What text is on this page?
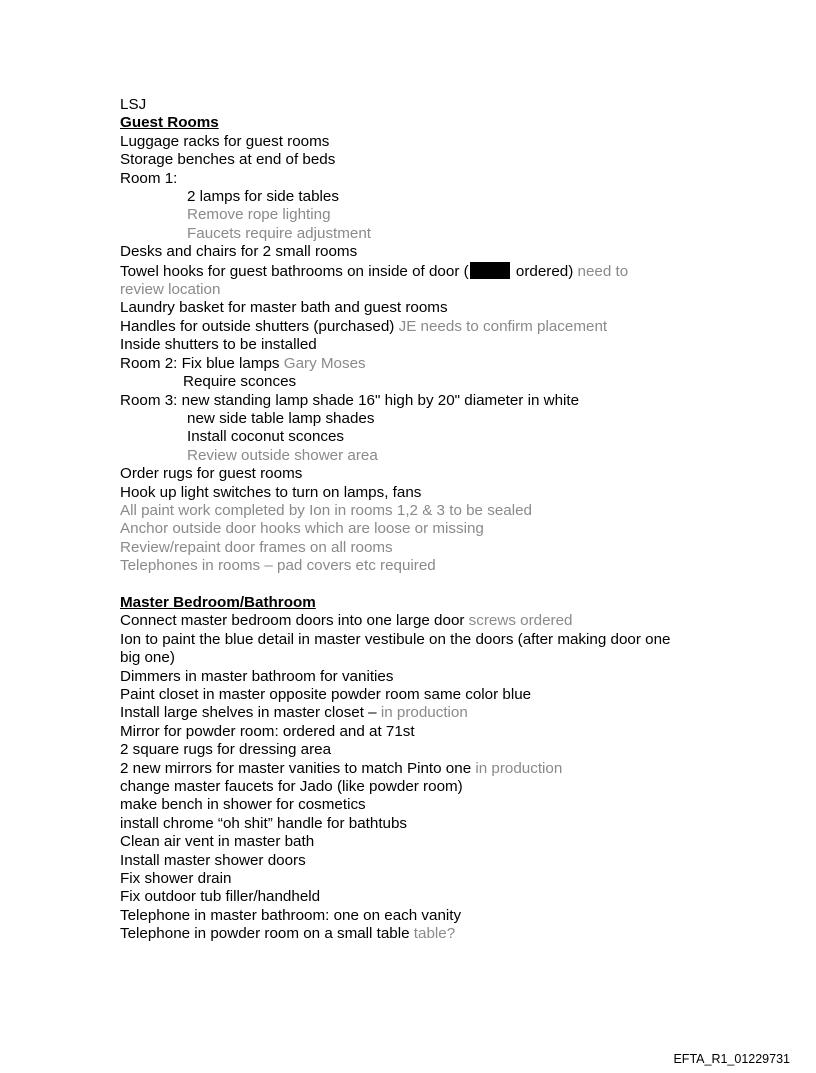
LSJ
Guest Rooms
Luggage racks for guest rooms
Storage benches at end of beds
Room 1:
2 lamps for side tables
Remove rope lighting
Faucets require adjustment
Desks and chairs for 2 small rooms
Towel hooks for guest bathrooms on inside of door (	ordered) need to
review location
Laundry basket for master bath and guest rooms
Handles for outside shutters (purchased) JE needs to confirm placement
Inside shutters to be installed
Room 2: Fix blue lamps Gary Moses
Require sconces
Room 3: new standing lamp shade 16" high by 20" diameter in white
new side table lamp shades
Install coconut sconces
Review outside shower area
Order rugs for guest rooms
Hook up light switches to turn on lamps, fans
All paint work completed by Ion in rooms 1,2 & 3 to be sealed
Anchor outside door hooks which are loose or missing
Review/repaint door frames on all rooms
Telephones in rooms – pad covers etc required
Master Bedroom/Bathroom
Connect master bedroom doors into one large door screws ordered
Ion to paint the blue detail in master vestibule on the doors (after making door one big one)
Dimmers in master bathroom for vanities
Paint closet in master opposite powder room same color blue
Install large shelves in master closet – in production
Mirror for powder room: ordered and at 71st
2 square rugs for dressing area
2 new mirrors for master vanities to match Pinto one in production
change master faucets for Jado (like powder room)
make bench in shower for cosmetics
install chrome “oh shit” handle for bathtubs
Clean air vent in master bath
Install master shower doors
Fix shower drain
Fix outdoor tub filler/handheld
Telephone in master bathroom: one on each vanity
Telephone in powder room on a small table table?
EFTA_R1_01229731
